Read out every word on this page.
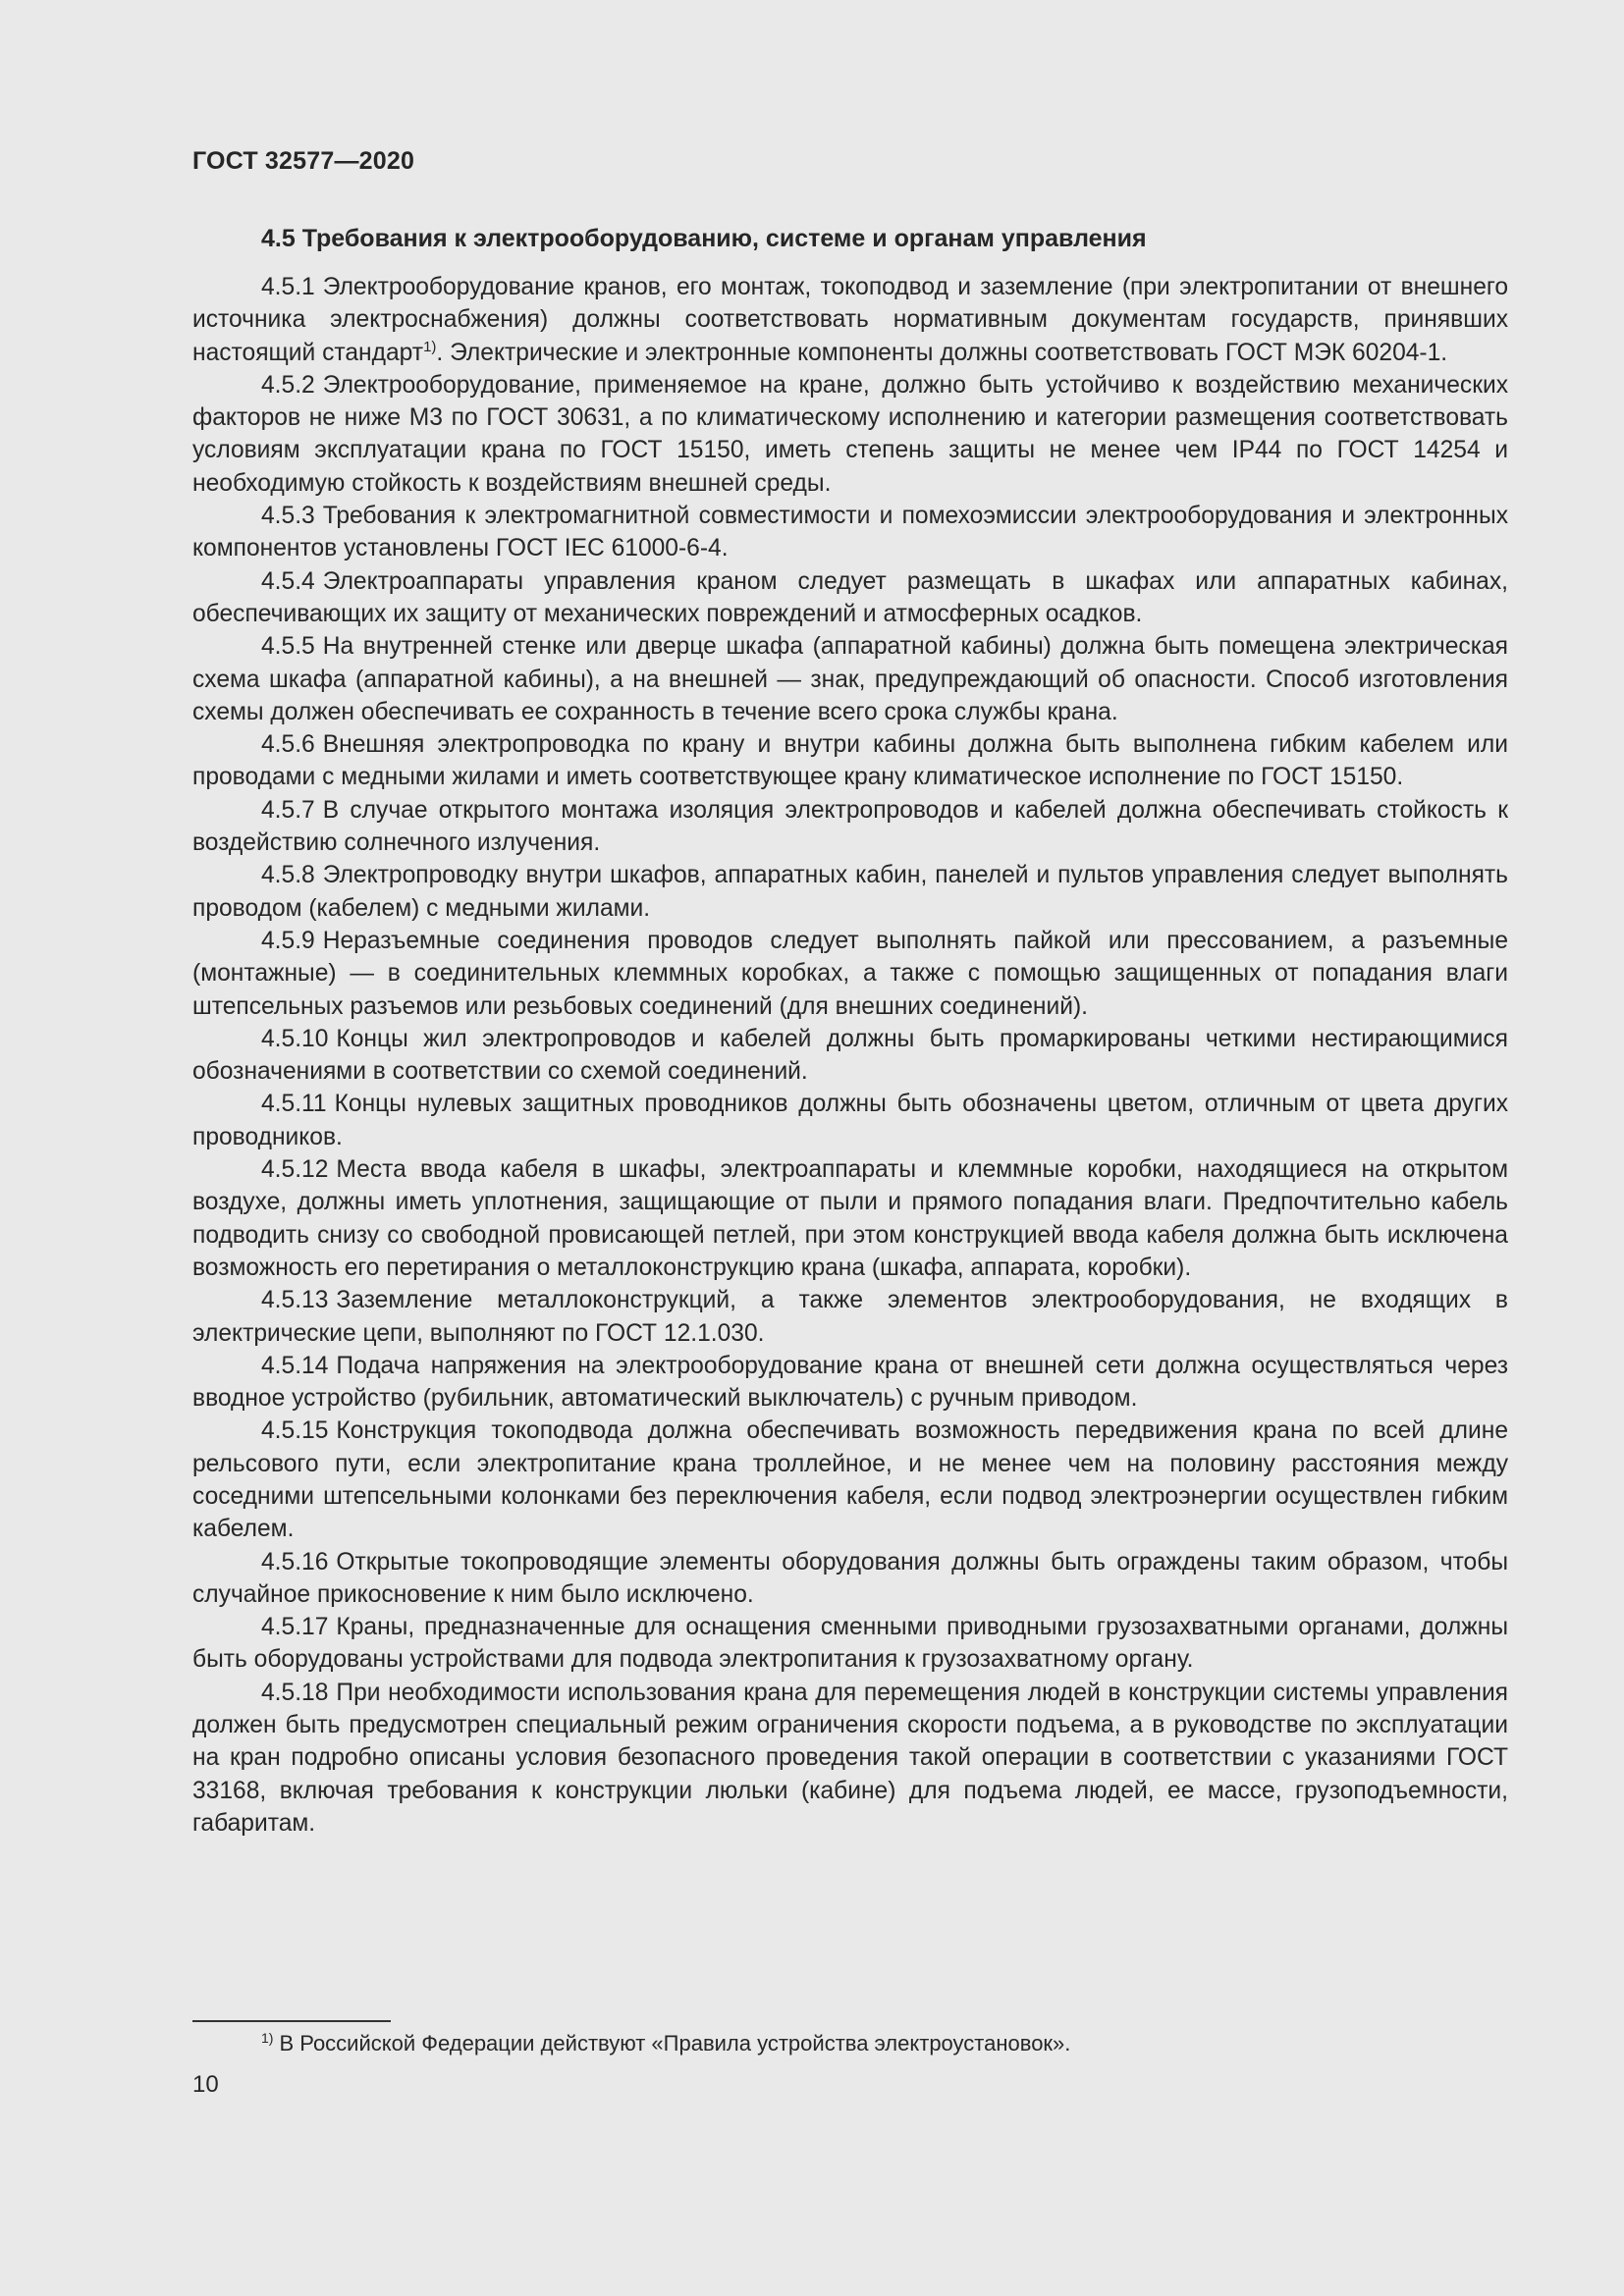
ГОСТ 32577—2020
4.5 Требования к электрооборудованию, системе и органам управления

4.5.1 Электрооборудование кранов, его монтаж, токоподвод и заземление (при электропитании от внешнего источника электроснабжения) должны соответствовать нормативным документам государств, принявших настоящий стандарт$^{1)}$. Электрические и электронные компоненты должны соответствовать ГОСТ МЭК 60204-1.

4.5.2 Электрооборудование, применяемое на кране, должно быть устойчиво к воздействию механических факторов не ниже М3 по ГОСТ 30631, а по климатическому исполнению и категории размещения соответствовать условиям эксплуатации крана по ГОСТ 15150, иметь степень защиты не менее чем IP44 по ГОСТ 14254 и необходимую стойкость к воздействиям внешней среды.

4.5.3 Требования к электромагнитной совместимости и помехоэмиссии электрооборудования и электронных компонентов установлены ГОСТ IEC 61000-6-4.

4.5.4 Электроаппараты управления краном следует размещать в шкафах или аппаратных кабинах, обеспечивающих их защиту от механических повреждений и атмосферных осадков.

4.5.5 На внутренней стенке или дверце шкафа (аппаратной кабины) должна быть помещена электрическая схема шкафа (аппаратной кабины), а на внешней — знак, предупреждающий об опасности. Способ изготовления схемы должен обеспечивать ее сохранность в течение всего срока службы крана.

4.5.6 Внешняя электропроводка по крану и внутри кабины должна быть выполнена гибким кабелем или проводами с медными жилами и иметь соответствующее крану климатическое исполнение по ГОСТ 15150.

4.5.7 В случае открытого монтажа изоляция электропроводов и кабелей должна обеспечивать стойкость к воздействию солнечного излучения.

4.5.8 Электропроводку внутри шкафов, аппаратных кабин, панелей и пультов управления следует выполнять проводом (кабелем) с медными жилами.

4.5.9 Неразъемные соединения проводов следует выполнять пайкой или прессованием, а разъемные (монтажные) — в соединительных клеммных коробках, а также с помощью защищенных от попадания влаги штепсельных разъемов или резьбовых соединений (для внешних соединений).

4.5.10 Концы жил электропроводов и кабелей должны быть промаркированы четкими нестирающимися обозначениями в соответствии со схемой соединений.

4.5.11 Концы нулевых защитных проводников должны быть обозначены цветом, отличным от цвета других проводников.

4.5.12 Места ввода кабеля в шкафы, электроаппараты и клеммные коробки, находящиеся на открытом воздухе, должны иметь уплотнения, защищающие от пыли и прямого попадания влаги. Предпочтительно кабель подводить снизу со свободной провисающей петлей, при этом конструкцией ввода кабеля должна быть исключена возможность его перетирания о металлоконструкцию крана (шкафа, аппарата, коробки).

4.5.13 Заземление металлоконструкций, а также элементов электрооборудования, не входящих в электрические цепи, выполняют по ГОСТ 12.1.030.

4.5.14 Подача напряжения на электрооборудование крана от внешней сети должна осуществляться через вводное устройство (рубильник, автоматический выключатель) с ручным приводом.

4.5.15 Конструкция токоподвода должна обеспечивать возможность передвижения крана по всей длине рельсового пути, если электропитание крана троллейное, и не менее чем на половину расстояния между соседними штепсельными колонками без переключения кабеля, если подвод электроэнергии осуществлен гибким кабелем.

4.5.16 Открытые токопроводящие элементы оборудования должны быть ограждены таким образом, чтобы случайное прикосновение к ним было исключено.

4.5.17 Краны, предназначенные для оснащения сменными приводными грузозахватными органами, должны быть оборудованы устройствами для подвода электропитания к грузозахватному органу.

4.5.18 При необходимости использования крана для перемещения людей в конструкции системы управления должен быть предусмотрен специальный режим ограничения скорости подъема, а в руководстве по эксплуатации на кран подробно описаны условия безопасного проведения такой операции в соответствии с указаниями ГОСТ 33168, включая требования к конструкции люльки (кабине) для подъема людей, ее массе, грузоподъемности, габаритам.

$^{1)}$ В Российской Федерации действуют «Правила устройства электроустановок».
10
